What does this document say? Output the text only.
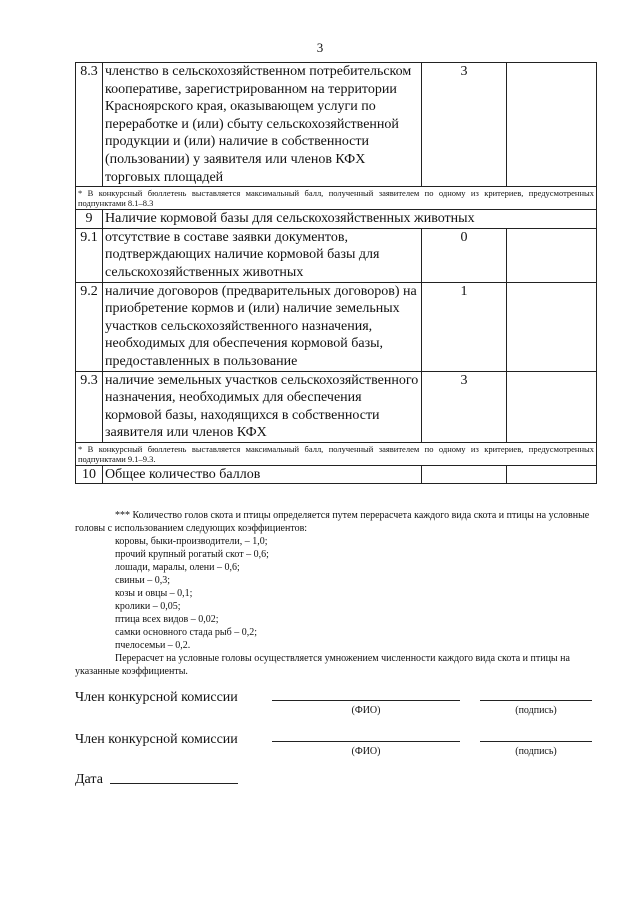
3
8.3	членство в сельскохозяйственном потребительском кооперативе, зарегистрированном на территории Красноярского края, оказывающем услуги по переработке и (или) сбыту сельскохозяйственной продукции и (или) наличие в собственности (пользовании) у заявителя или членов КФХ торговых площадей	3	
* В конкурсный бюллетень выставляется максимальный балл, полученный заявителем по одному из критериев, предусмотренных подпунктами 8.1–8.3			
9	Наличие кормовой базы для сельскохозяйственных животных		
9.1	отсутствие в составе заявки документов, подтверждающих наличие кормовой базы для сельскохозяйственных животных	0	
9.2	наличие договоров (предварительных договоров) на приобретение кормов и (или) наличие земельных участков сельскохозяйственного назначения, необходимых для обеспечения кормовой базы, предоставленных в пользование	1	
9.3	наличие земельных участков сельскохозяйственного назначения, необходимых для обеспечения кормовой базы, находящихся в собственности заявителя или членов КФХ	3	
* В конкурсный бюллетень выставляется максимальный балл, полученный заявителем по одному из критериев, предусмотренных подпунктами 9.1–9.3.			
10	Общее количество баллов		
*** Количество голов скота и птицы определяется путем перерасчета каждого вида скота и птицы на условные головы с использованием следующих коэффициентов:
коровы, быки-производители, – 1,0;
прочий крупный рогатый скот – 0,6;
лошади, маралы, олени – 0,6;
свиньи – 0,3;
козы и овцы – 0,1;
кролики – 0,05;
птица всех видов – 0,02;
самки основного стада рыб – 0,2;
пчелосемьи – 0,2.
Перерасчет на условные головы осуществляется умножением численности каждого вида скота и птицы на указанные коэффициенты.
Член конкурсной комиссии
(ФИО)	(подпись)
Член конкурсной комиссии
(ФИО)	(подпись)
Дата
